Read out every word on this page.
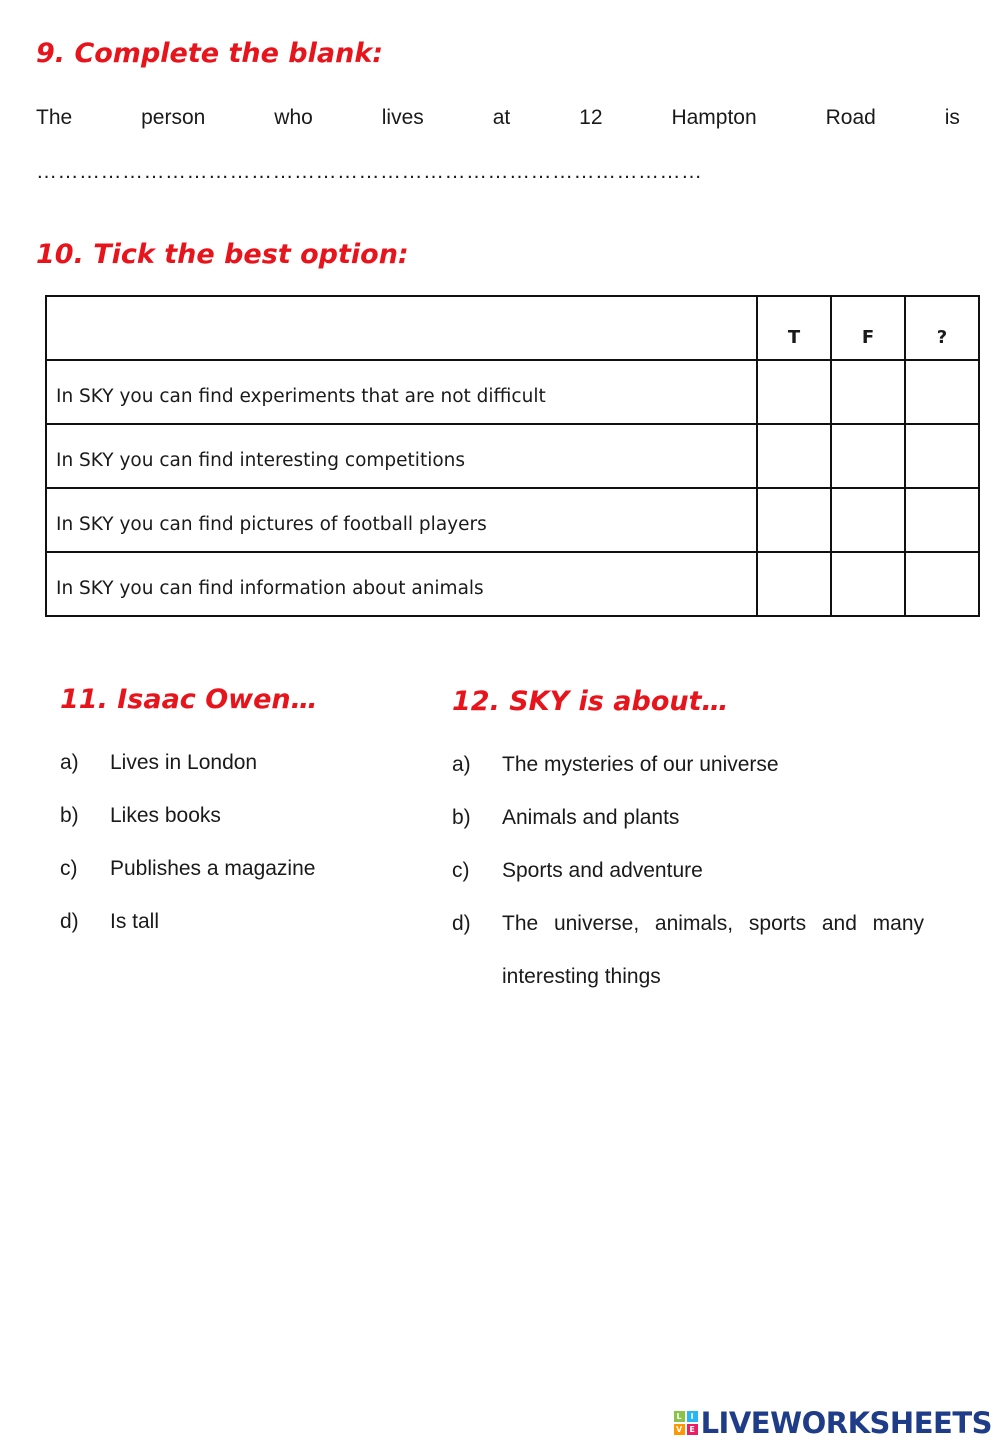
9. Complete the blank:
The	person	who	lives	at	12	Hampton	Road	is
…………………………………………………………………………………
10. Tick the best option:
	T	F	?
In SKY you can find experiments that are not difficult			
In SKY you can find interesting competitions			
In SKY you can find pictures of football players			
In SKY you can find information about animals			
11. Isaac Owen…
a) Lives in London
b) Likes books
c) Publishes a magazine
d) Is tall
12. SKY is about…
a) The mysteries of our universe
b) Animals and plants
c) Sports and adventure
d) The universe, animals, sports and many interesting things
L	I
V E LIVEWORKSHEETS
